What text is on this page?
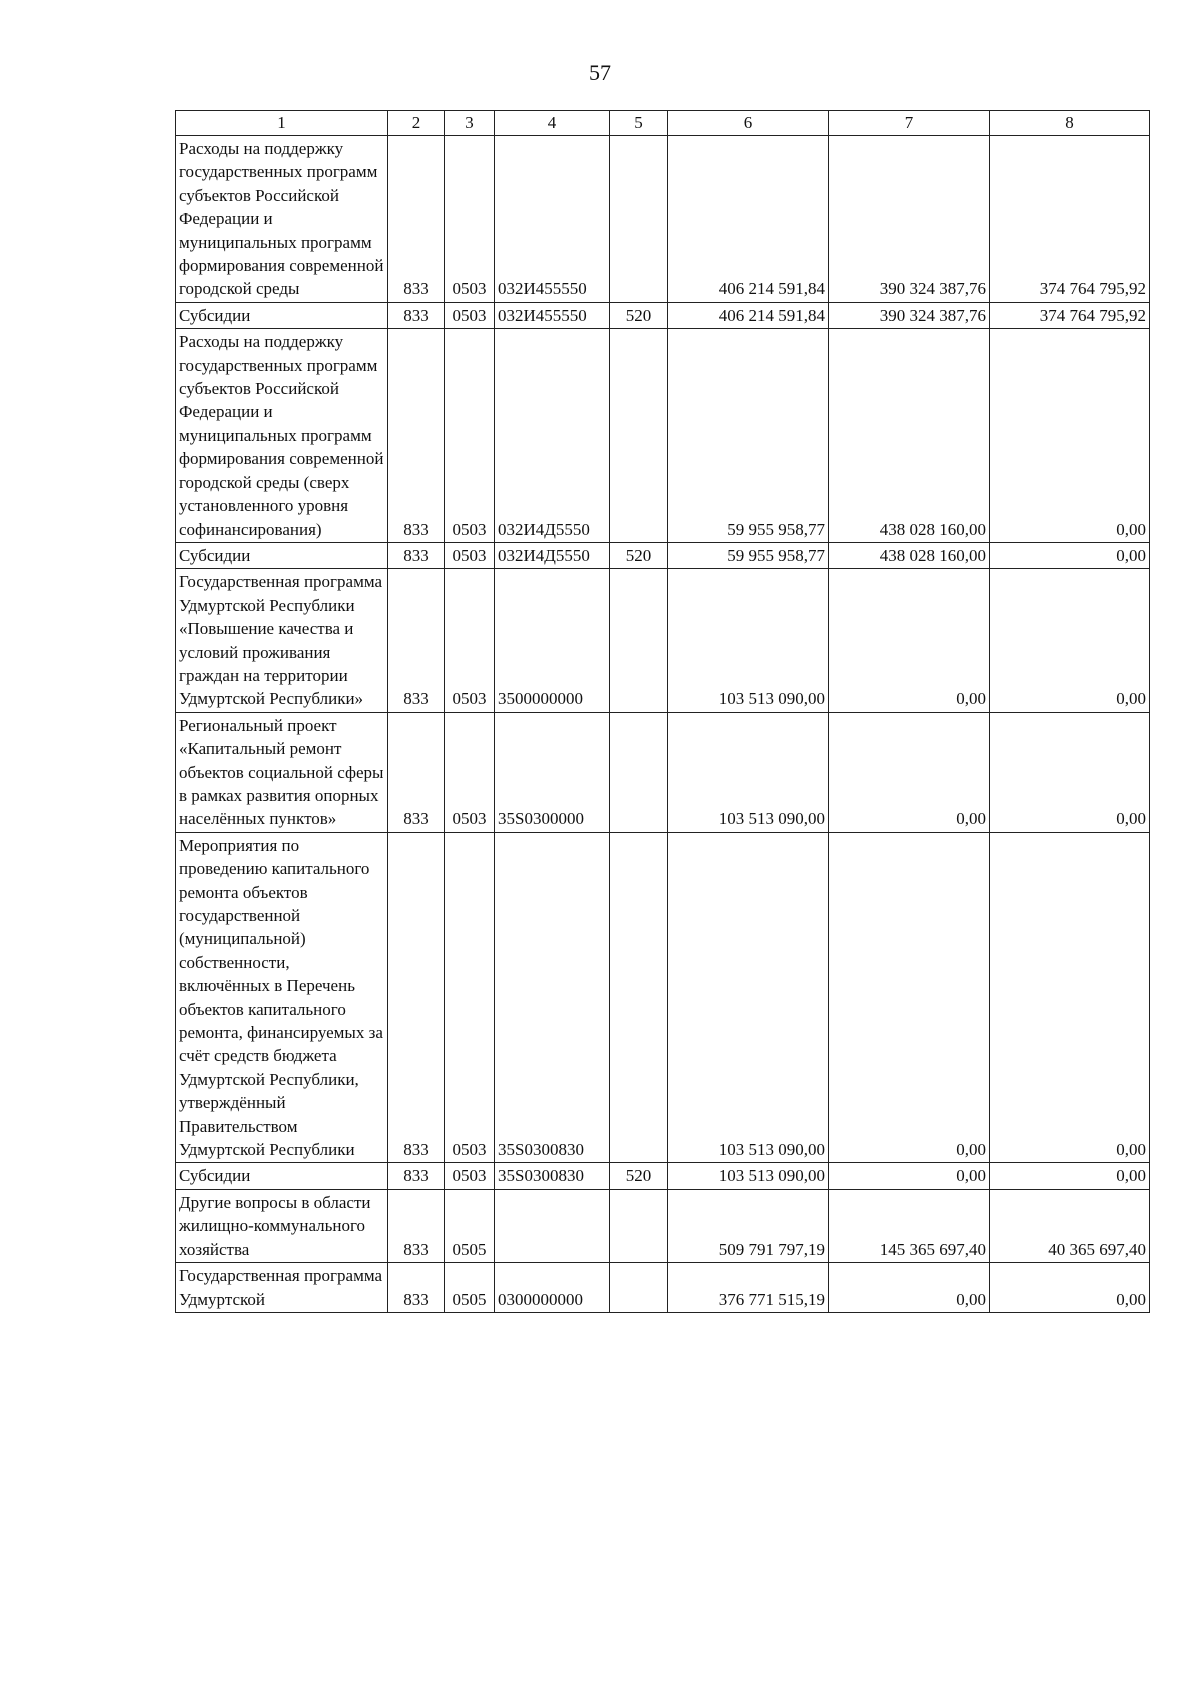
57
1	2	3	4	5	6	7	8
Расходы на поддержку государственных программ субъектов Российской Федерации и муниципальных программ формирования современной городской среды	833	0503	032И455550		406 214 591,84	390 324 387,76	374 764 795,92
Субсидии	833	0503	032И455550	520	406 214 591,84	390 324 387,76	374 764 795,92
Расходы на поддержку государственных программ субъектов Российской Федерации и муниципальных программ формирования современной городской среды (сверх установленного уровня софинансирования)	833	0503	032И4Д5550		59 955 958,77	438 028 160,00	0,00
Субсидии	833	0503	032И4Д5550	520	59 955 958,77	438 028 160,00	0,00
Государственная программа Удмуртской Республики «Повышение качества и условий проживания граждан на территории Удмуртской Республики»	833	0503	3500000000		103 513 090,00	0,00	0,00
Региональный проект «Капитальный ремонт объектов социальной сферы в рамках развития опорных населённых пунктов»	833	0503	35S0300000		103 513 090,00	0,00	0,00
Мероприятия по проведению капитального ремонта объектов государственной (муниципальной) собственности, включённых в Перечень объектов капитального ремонта, финансируемых за счёт средств бюджета Удмуртской Республики, утверждённый Правительством Удмуртской Республики	833	0503	35S0300830		103 513 090,00	0,00	0,00
Субсидии	833	0503	35S0300830	520	103 513 090,00	0,00	0,00
Другие вопросы в области жилищно-коммунального хозяйства	833	0505			509 791 797,19	145 365 697,40	40 365 697,40
Государственная программа Удмуртской	833	0505	0300000000		376 771 515,19	0,00	0,00
